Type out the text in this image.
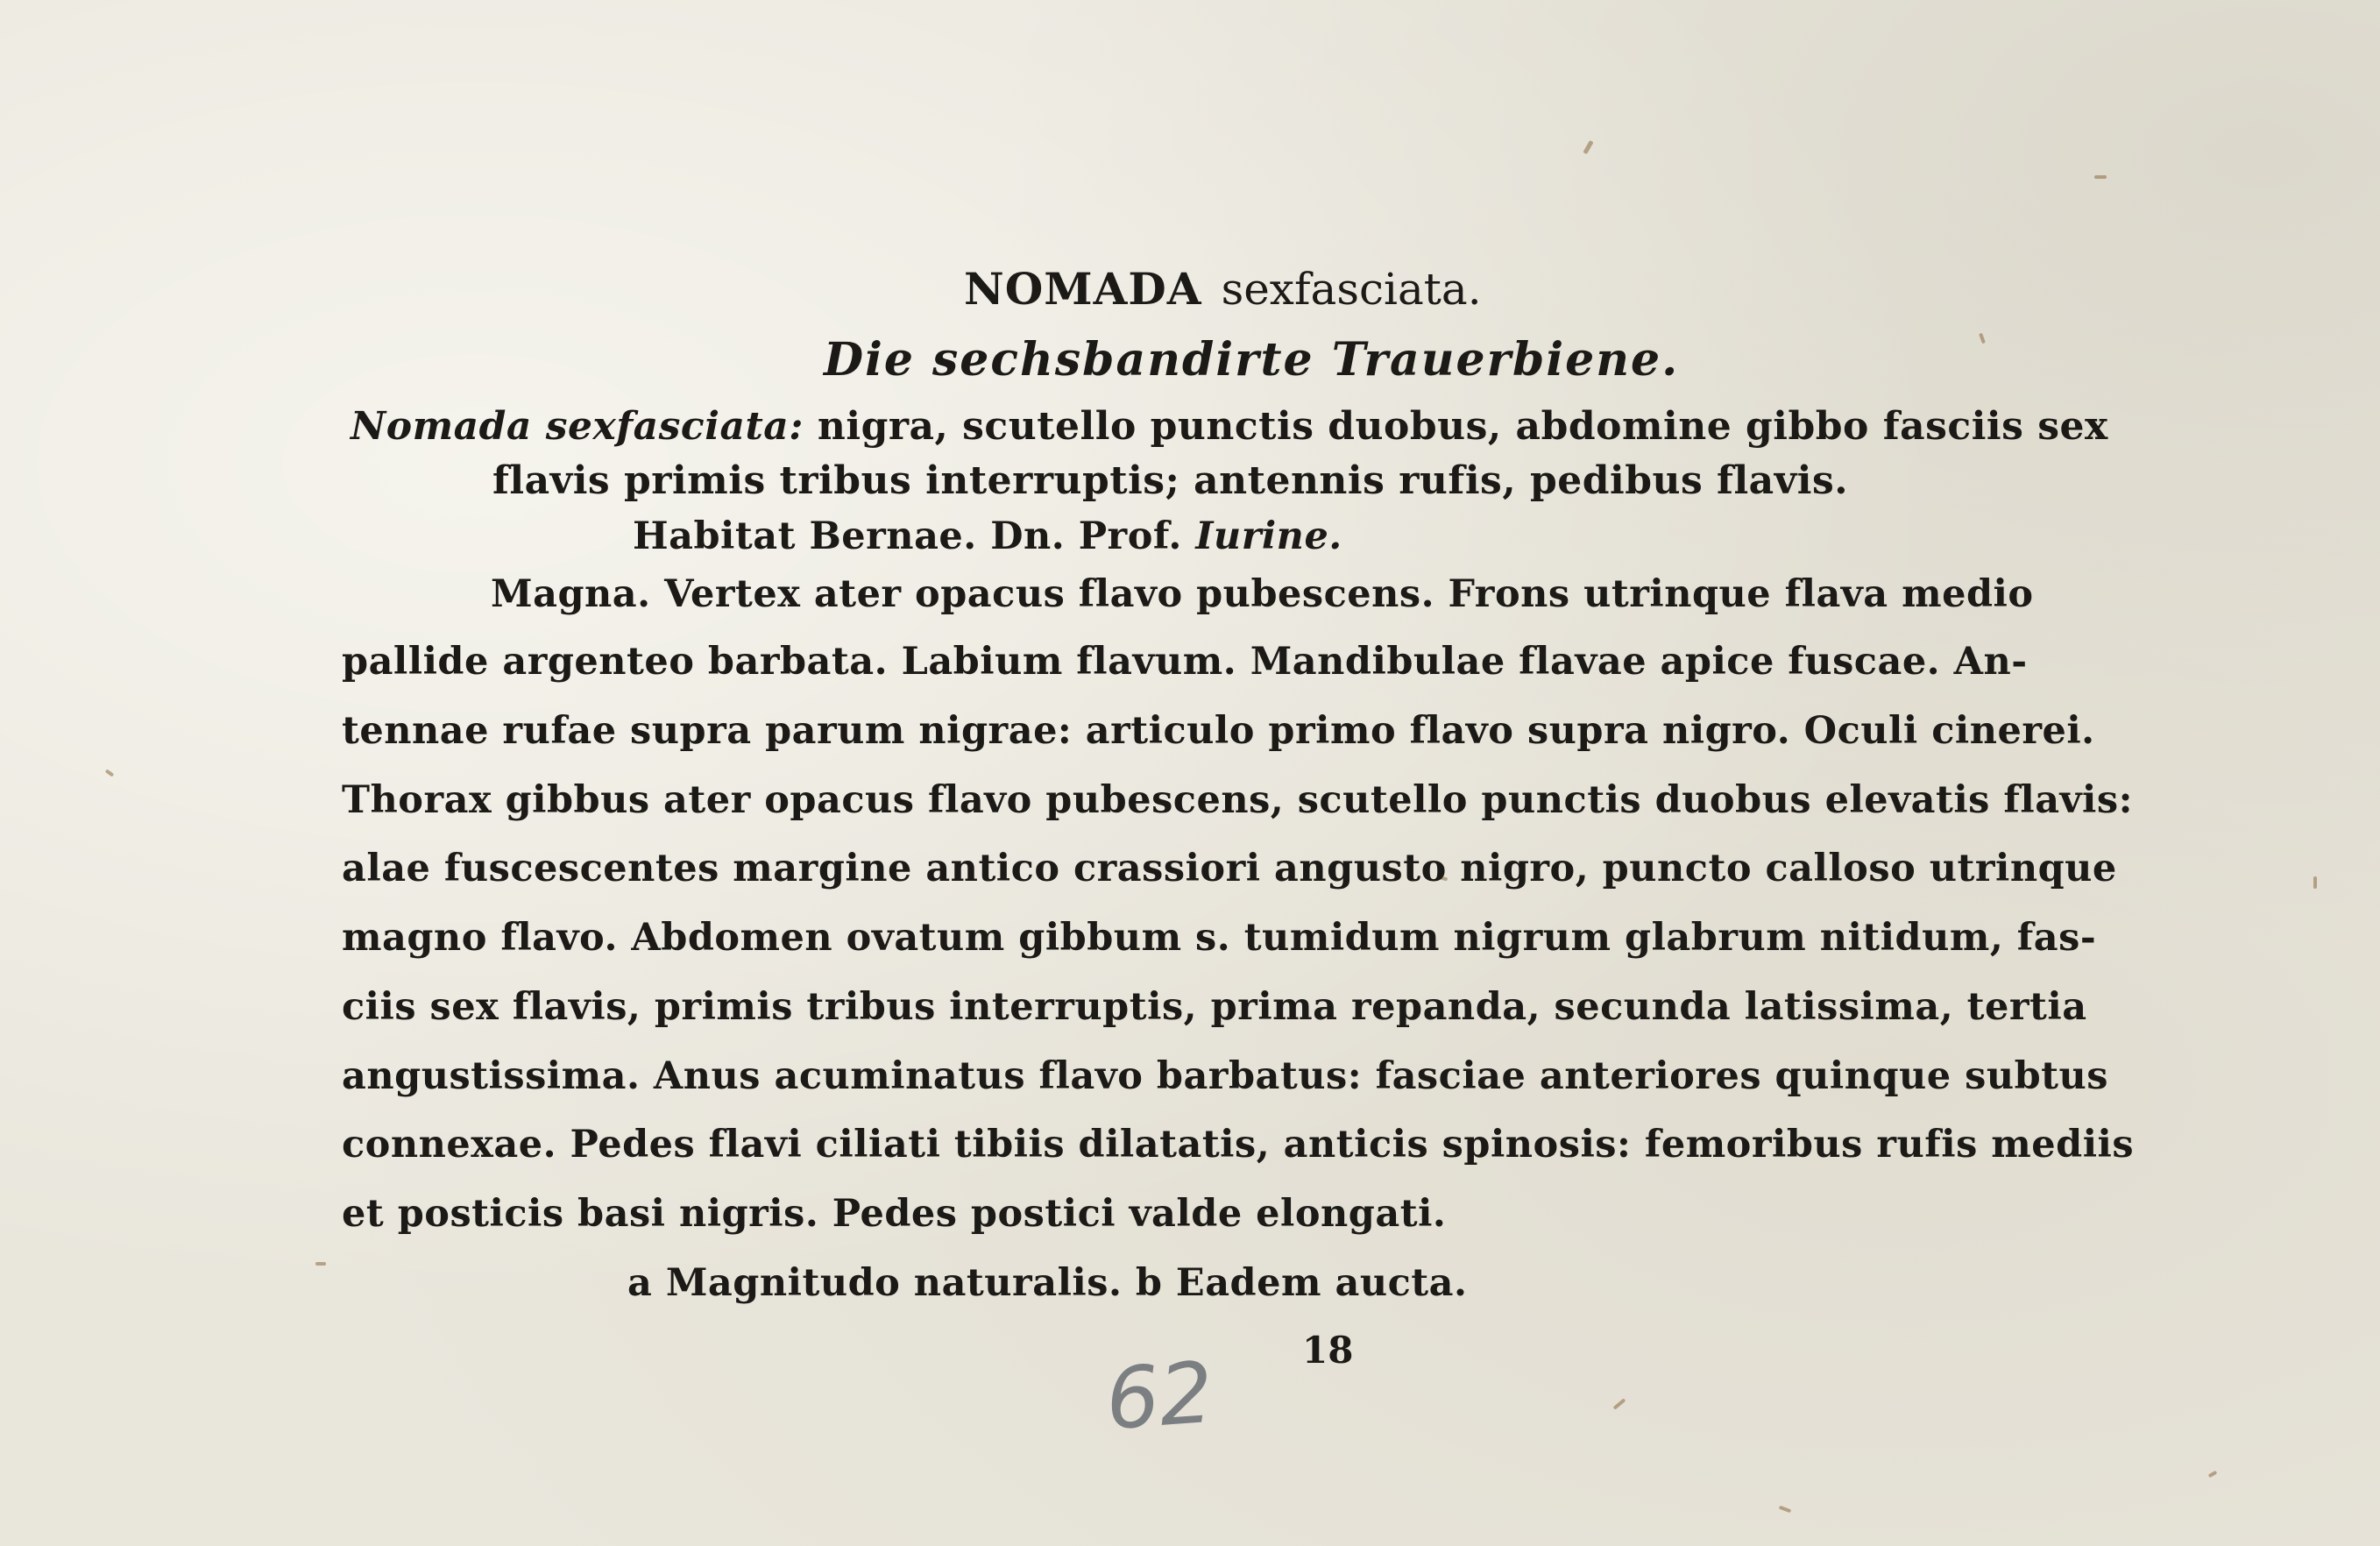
NOMADA sexfasciata.
Die sechsbandirte Trauerbiene.
Nomada sexfasciata: nigra, scutello punctis duobus, abdomine gibbo fasciis sex
flavis primis tribus interruptis; antennis rufis, pedibus flavis.
Habitat Bernae. Dn. Prof. Iurine.
Magna. Vertex ater opacus flavo pubescens. Frons utrinque flava medio
pallide argenteo barbata. Labium flavum. Mandibulae flavae apice fuscae. An-
tennae rufae supra parum nigrae: articulo primo flavo supra nigro. Oculi cinerei.
Thorax gibbus ater opacus flavo pubescens, scutello punctis duobus elevatis flavis:
alae fuscescentes margine antico crassiori angusto nigro, puncto calloso utrinque
magno flavo. Abdomen ovatum gibbum s. tumidum nigrum glabrum nitidum, fas-
ciis sex flavis, primis tribus interruptis, prima repanda, secunda latissima, tertia
angustissima. Anus acuminatus flavo barbatus: fasciae anteriores quinque subtus
connexae. Pedes flavi ciliati tibiis dilatatis, anticis spinosis: femoribus rufis mediis
et posticis basi nigris. Pedes postici valde elongati.
a Magnitudo naturalis. b Eadem aucta.
18
62
